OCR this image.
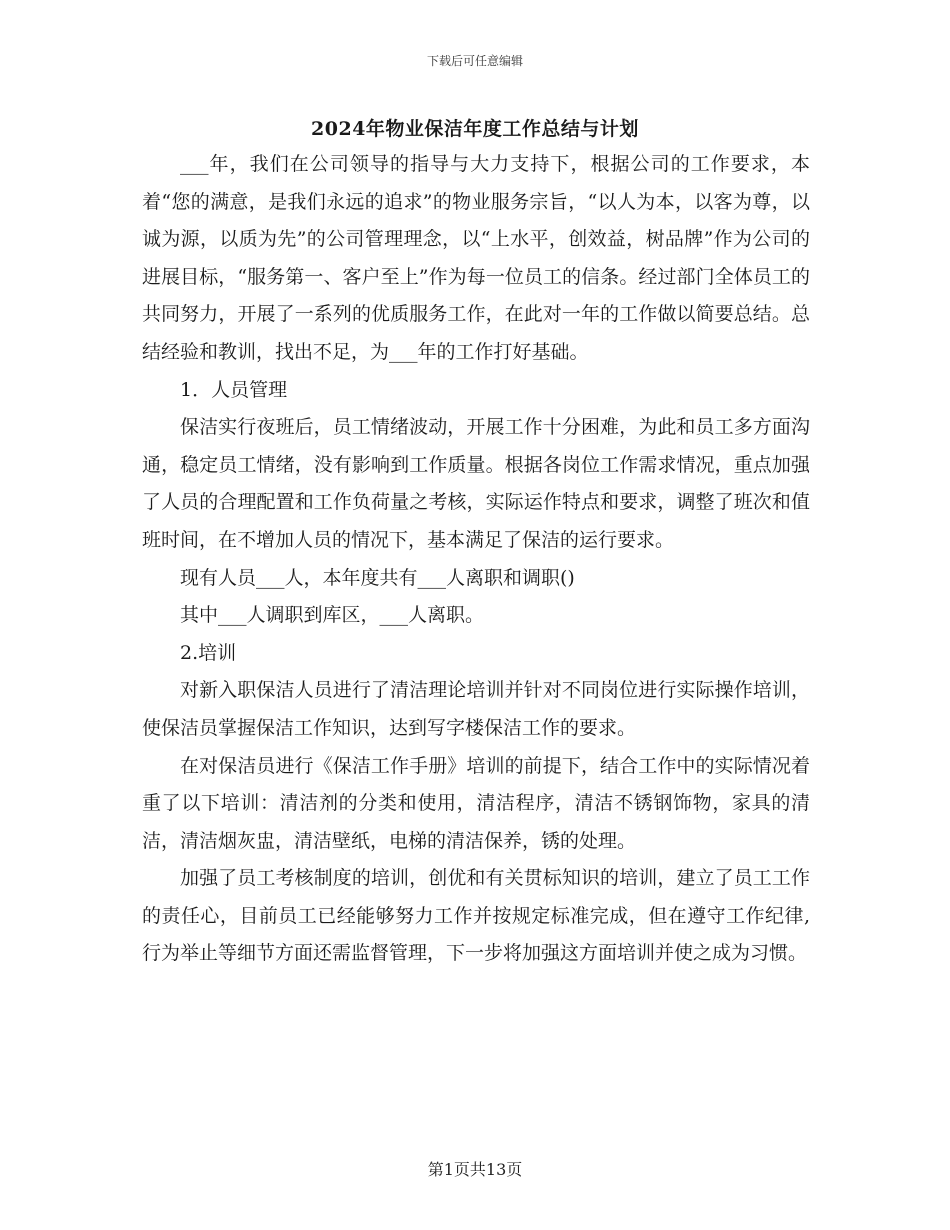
下载后可任意编辑
2024年物业保洁年度工作总结与计划

___年，我们在公司领导的指导与大力支持下，根据公司的工作要求，本着“您的满意，是我们永远的追求”的物业服务宗旨，“以人为本，以客为尊，以诚为源，以质为先”的公司管理理念，以“上水平，创效益，树品牌”作为公司的进展目标，“服务第一、客户至上”作为每一位员工的信条。经过部门全体员工的共同努力，开展了一系列的优质服务工作，在此对一年的工作做以简要总结。总结经验和教训，找出不足，为___年的工作打好基础。

1．人员管理

保洁实行夜班后，员工情绪波动，开展工作十分困难，为此和员工多方面沟通，稳定员工情绪，没有影响到工作质量。根据各岗位工作需求情况，重点加强了人员的合理配置和工作负荷量之考核，实际运作特点和要求，调整了班次和值班时间，在不增加人员的情况下，基本满足了保洁的运行要求。

现有人员___人，本年度共有___人离职和调职()

其中___人调职到库区，___人离职。

2.培训

对新入职保洁人员进行了清洁理论培训并针对不同岗位进行实际操作培训，使保洁员掌握保洁工作知识，达到写字楼保洁工作的要求。

在对保洁员进行《保洁工作手册》培训的前提下，结合工作中的实际情况着重了以下培训：清洁剂的分类和使用，清洁程序，清洁不锈钢饰物，家具的清洁，清洁烟灰盅，清洁壁纸，电梯的清洁保养，锈的处理。

加强了员工考核制度的培训，创优和有关贯标知识的培训，建立了员工工作的责任心，目前员工已经能够努力工作并按规定标准完成，但在遵守工作纪律,行为举止等细节方面还需监督管理，下一步将加强这方面培训并使之成为习惯。

第1页共13页
